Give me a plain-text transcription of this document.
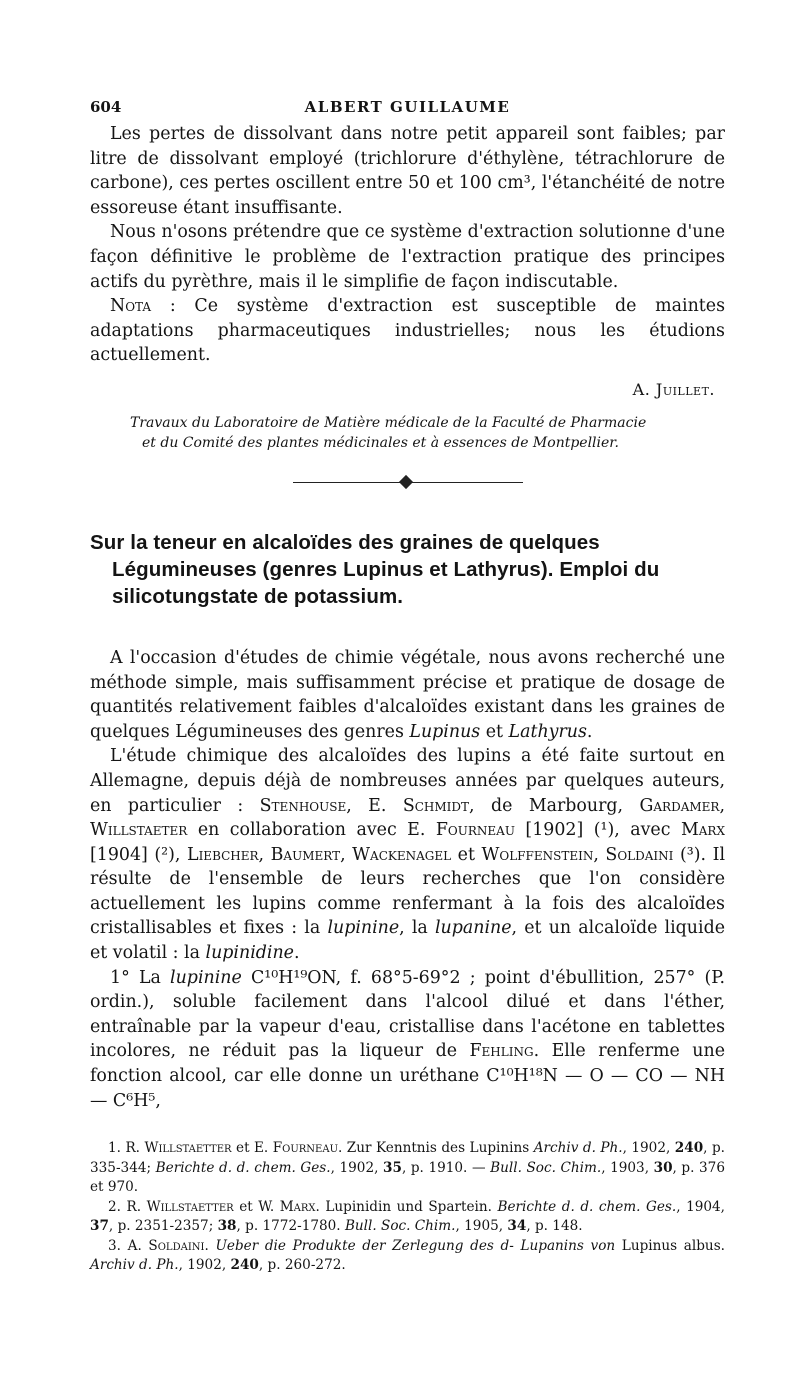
604	ALBERT GUILLAUME

Les pertes de dissolvant dans notre petit appareil sont faibles; par litre de dissolvant employé (trichlorure d'éthylène, tétrachlorure de carbone), ces pertes oscillent entre 50 et 100 cm³, l'étanchéité de notre essoreuse étant insuffisante.

Nous n'osons prétendre que ce système d'extraction solutionne d'une façon définitive le problème de l'extraction pratique des principes actifs du pyrèthre, mais il le simplifie de façon indiscutable.

Nota : Ce système d'extraction est susceptible de maintes adaptations pharmaceutiques industrielles; nous les étudions actuellement.

A. Juillet.
Travaux du Laboratoire de Matière médicale de la Faculté de Pharmacie
et du Comité des plantes médicinales et à essences de Montpellier.
Sur la teneur en alcaloïdes des graines de quelques Légumineuses (genres Lupinus et Lathyrus). Emploi du silicotungstate de potassium.

A l'occasion d'études de chimie végétale, nous avons recherché une méthode simple, mais suffisamment précise et pratique de dosage de quantités relativement faibles d'alcaloïdes existant dans les graines de quelques Légumineuses des genres Lupinus et Lathyrus.

L'étude chimique des alcaloïdes des lupins a été faite surtout en Allemagne, depuis déjà de nombreuses années par quelques auteurs, en particulier : Stenhouse, E. Schmidt, de Marbourg, Gardamer, Willstaeter en collaboration avec E. Fourneau [1902] (¹), avec Marx [1904] (²), Liebcher, Baumert, Wackenagel et Wolffenstein, Soldaini (³). Il résulte de l'ensemble de leurs recherches que l'on considère actuellement les lupins comme renfermant à la fois des alcaloïdes cristallisables et fixes : la lupinine, la lupanine, et un alcaloïde liquide et volatil : la lupinidine.

1° La lupinine C¹⁰H¹⁹ON, f. 68°5-69°2 ; point d'ébullition, 257° (P. ordin.), soluble facilement dans l'alcool dilué et dans l'éther, entraînable par la vapeur d'eau, cristallise dans l'acétone en tablettes incolores, ne réduit pas la liqueur de Fehling. Elle renferme une fonction alcool, car elle donne un uréthane C¹⁰H¹⁸N — O — CO — NH — C⁶H⁵,

1. R. Willstaetter et E. Fourneau. Zur Kenntnis des Lupinins Archiv d. Ph., 1902, 240, p. 335-344; Berichte d. d. chem. Ges., 1902, 35, p. 1910. — Bull. Soc. Chim., 1903, 30, p. 376 et 970.

2. R. Willstaetter et W. Marx. Lupinidin und Spartein. Berichte d. d. chem. Ges., 1904, 37, p. 2351-2357; 38, p. 1772-1780. Bull. Soc. Chim., 1905, 34, p. 148.

3. A. Soldaini. Ueber die Produkte der Zerlegung des d- Lupanins von Lupinus albus. Archiv d. Ph., 1902, 240, p. 260-272.
